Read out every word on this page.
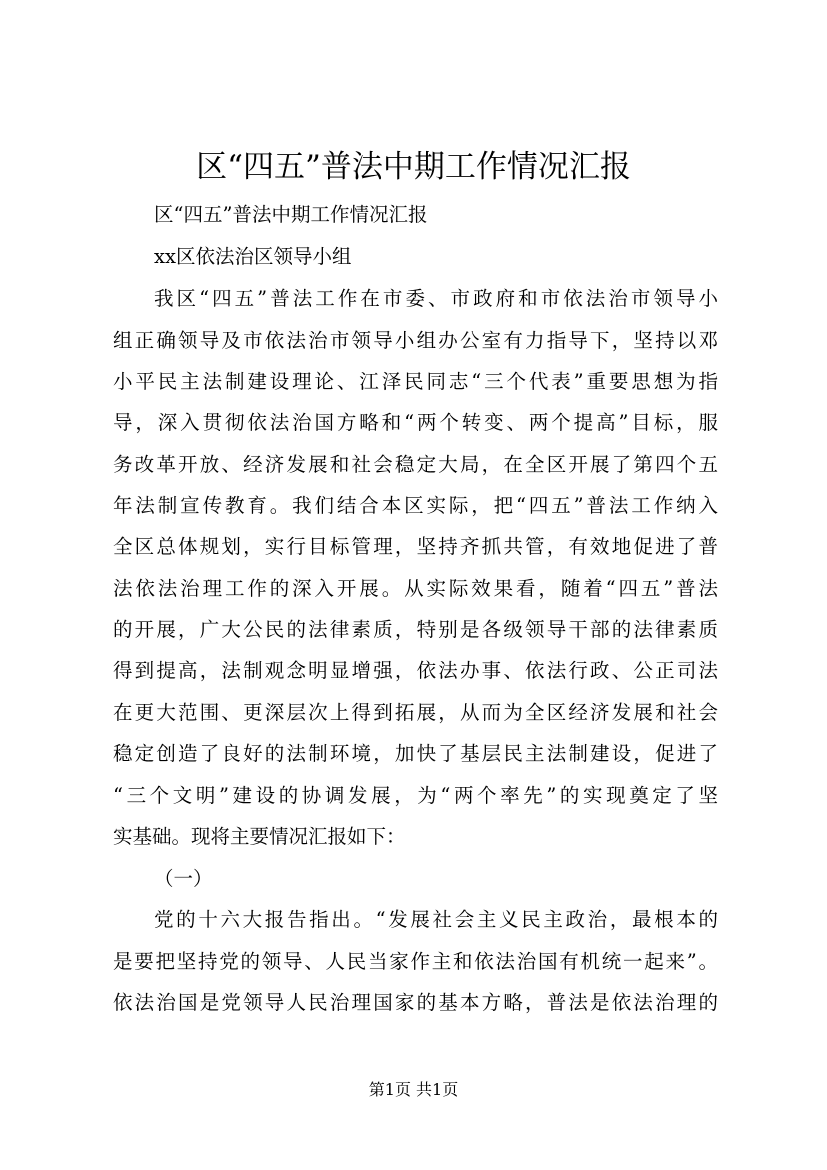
区“四五”普法中期工作情况汇报
区“四五”普法中期工作情况汇报
xx区依法治区领导小组
我区“四五”普法工作在市委、市政府和市依法治市领导小
组正确领导及市依法治市领导小组办公室有力指导下，坚持以邓
小平民主法制建设理论、江泽民同志“三个代表”重要思想为指
导，深入贯彻依法治国方略和“两个转变、两个提高”目标，服
务改革开放、经济发展和社会稳定大局，在全区开展了第四个五
年法制宣传教育。我们结合本区实际，把“四五”普法工作纳入
全区总体规划，实行目标管理，坚持齐抓共管，有效地促进了普
法依法治理工作的深入开展。从实际效果看，随着“四五”普法
的开展，广大公民的法律素质，特别是各级领导干部的法律素质
得到提高，法制观念明显增强，依法办事、依法行政、公正司法
在更大范围、更深层次上得到拓展，从而为全区经济发展和社会
稳定创造了良好的法制环境，加快了基层民主法制建设，促进了
“三个文明”建设的协调发展，为“两个率先”的实现奠定了坚
实基础。现将主要情况汇报如下：
（一）
党的十六大报告指出。“发展社会主义民主政治，最根本的
是要把坚持党的领导、人民当家作主和依法治国有机统一起来”。
依法治国是党领导人民治理国家的基本方略，普法是依法治理的
第1页 共1页
